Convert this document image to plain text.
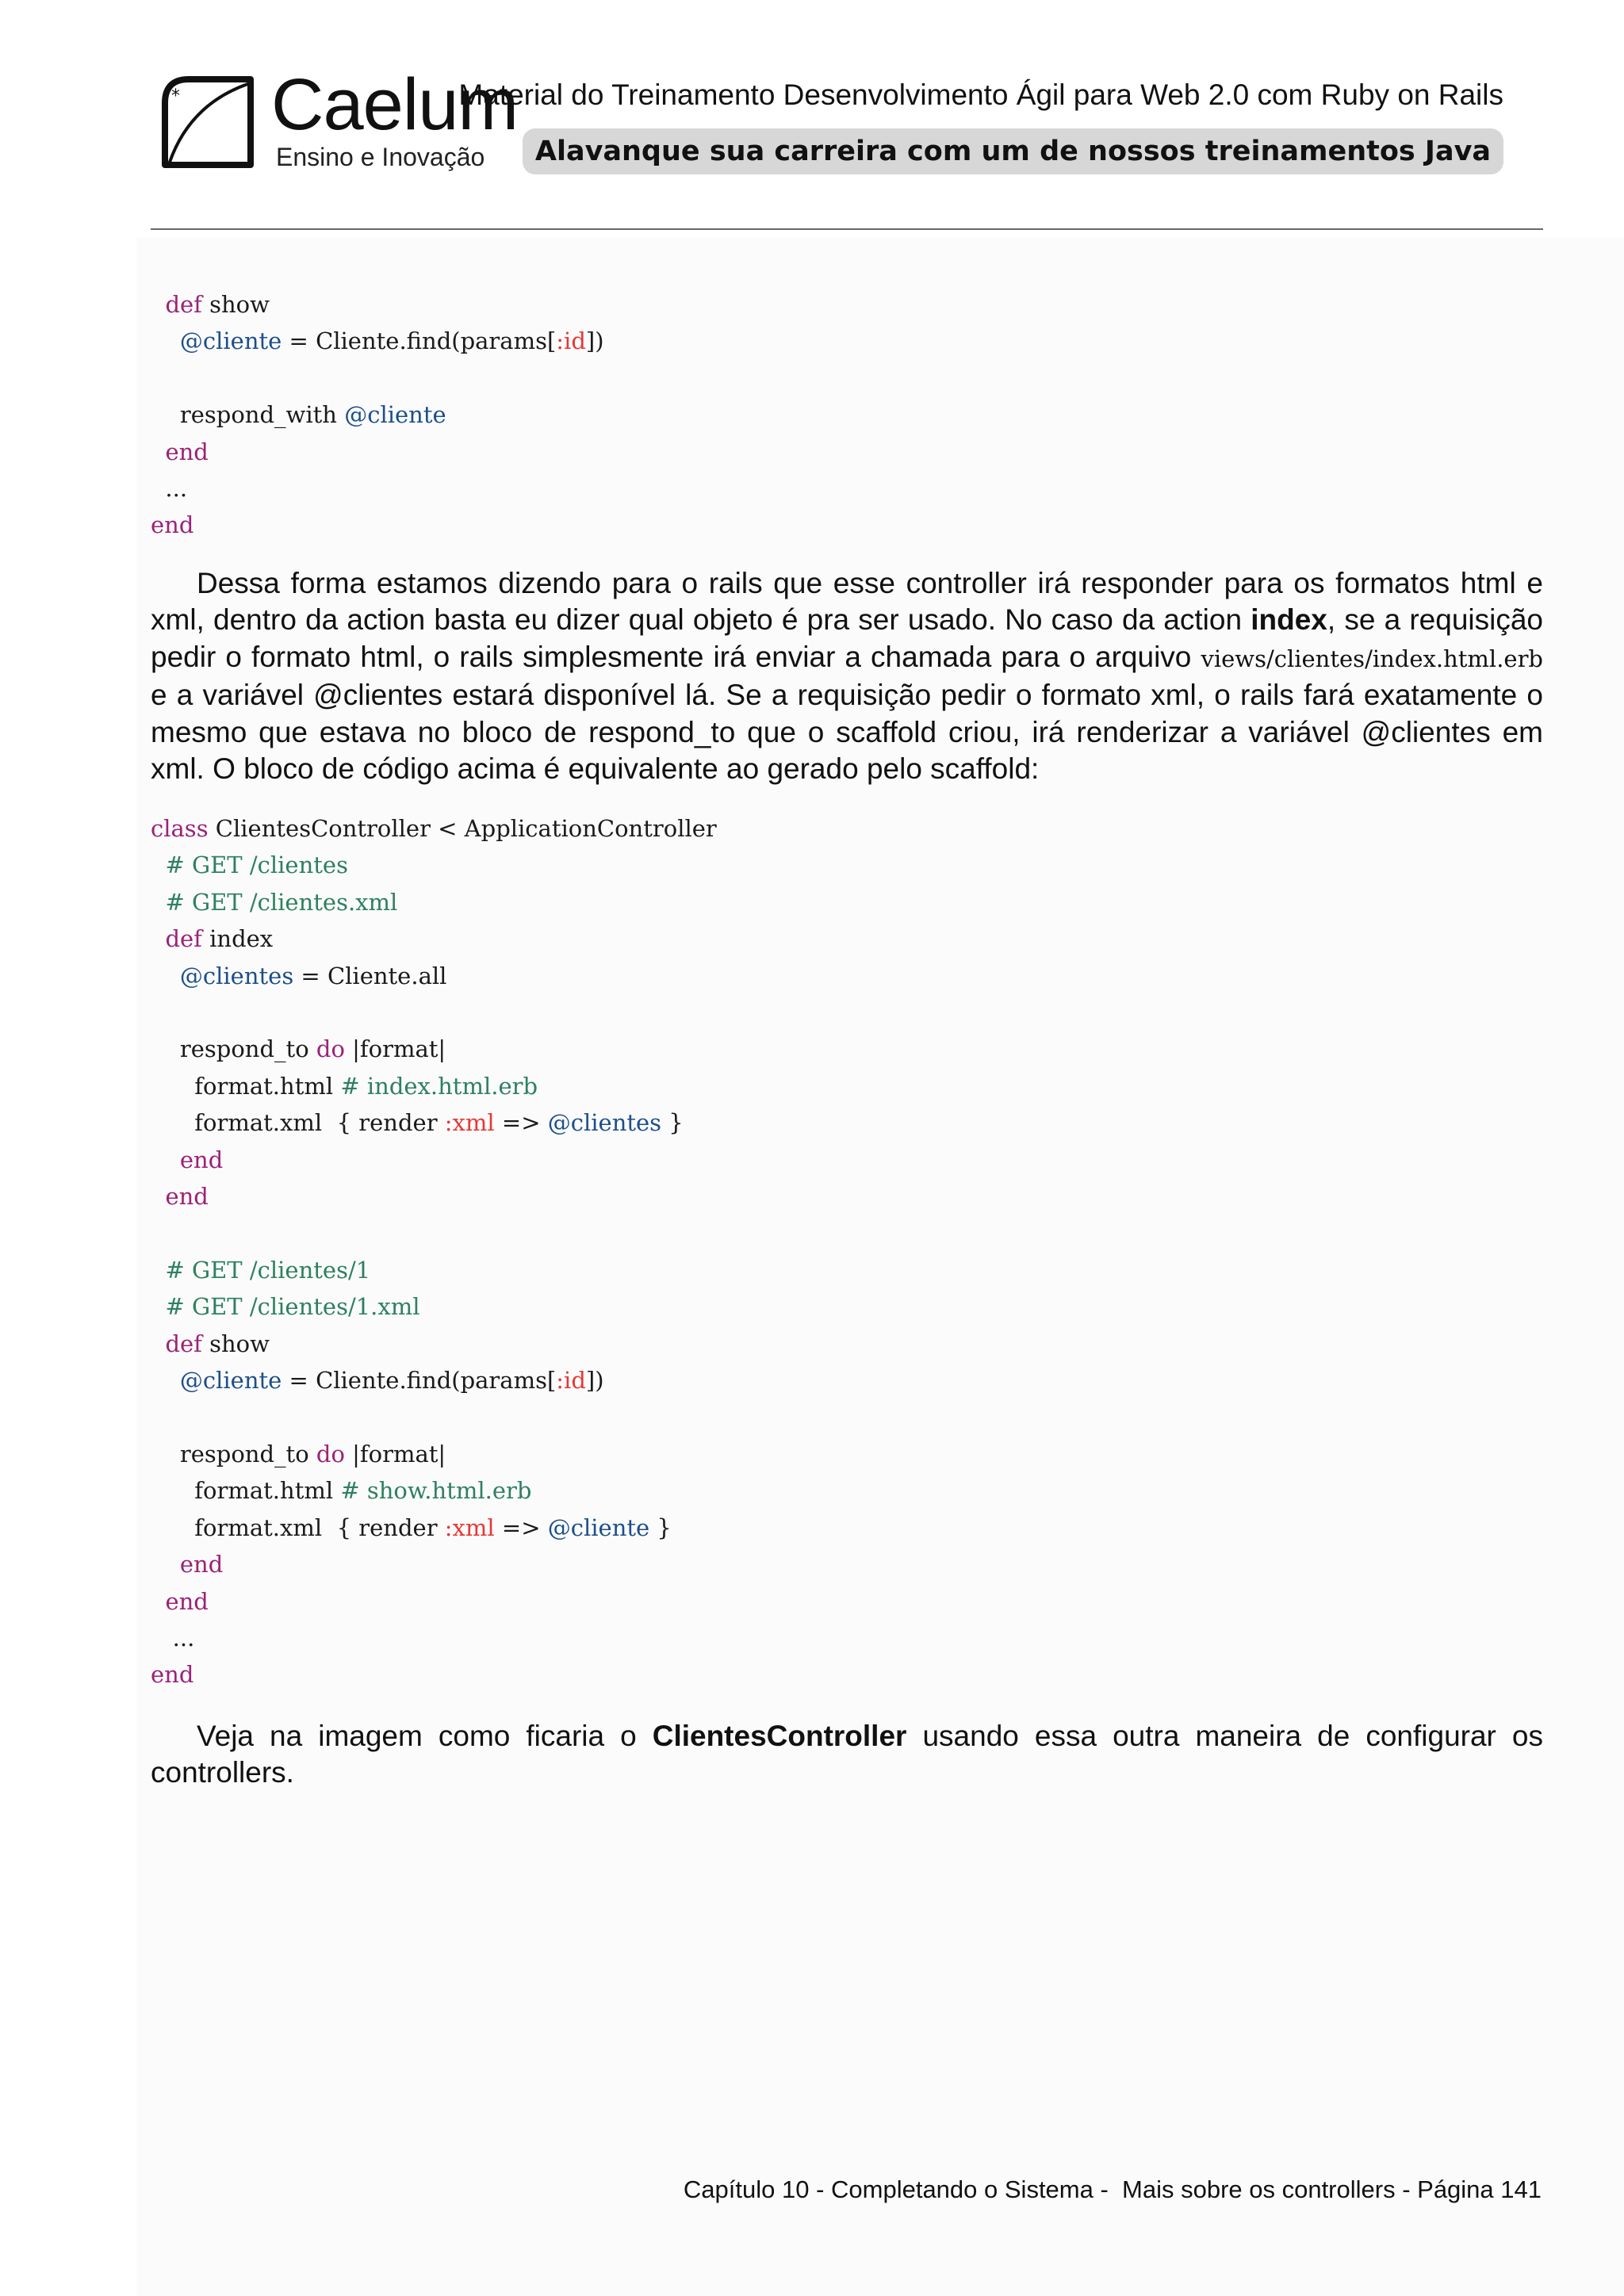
* Caelum
Ensino e Inovação
Material do Treinamento Desenvolvimento Ágil para Web 2.0 com Ruby on Rails
Alavanque sua carreira com um de nossos treinamentos Java
def show
@cliente = Cliente.find(params[:id])

respond_with @cliente
end
...
end

Dessa forma estamos dizendo para o rails que esse controller irá responder para os formatos html e xml, dentro da action basta eu dizer qual objeto é pra ser usado. No caso da action index, se a requisição pedir o formato html, o rails simplesmente irá enviar a chamada para o arquivo views/clientes/index.html.erb e a variável @clientes estará disponível lá. Se a requisição pedir o formato xml, o rails fará exatamente o mesmo que estava no bloco de respond_to que o scaffold criou, irá renderizar a variável @clientes em xml. O bloco de código acima é equivalente ao gerado pelo scaffold:

class ClientesController < ApplicationController
# GET /clientes
# GET /clientes.xml
def index
@clientes = Cliente.all

respond_to do |format|
format.html # index.html.erb
format.xml  { render :xml => @clientes }
end
end

# GET /clientes/1
# GET /clientes/1.xml
def show
@cliente = Cliente.find(params[:id])

respond_to do |format|
format.html # show.html.erb
format.xml  { render :xml => @cliente }
end
end
...
end

Veja na imagem como ficaria o ClientesController usando essa outra maneira de configurar os controllers.

Capítulo 10 - Completando o Sistema -  Mais sobre os controllers - Página 141
